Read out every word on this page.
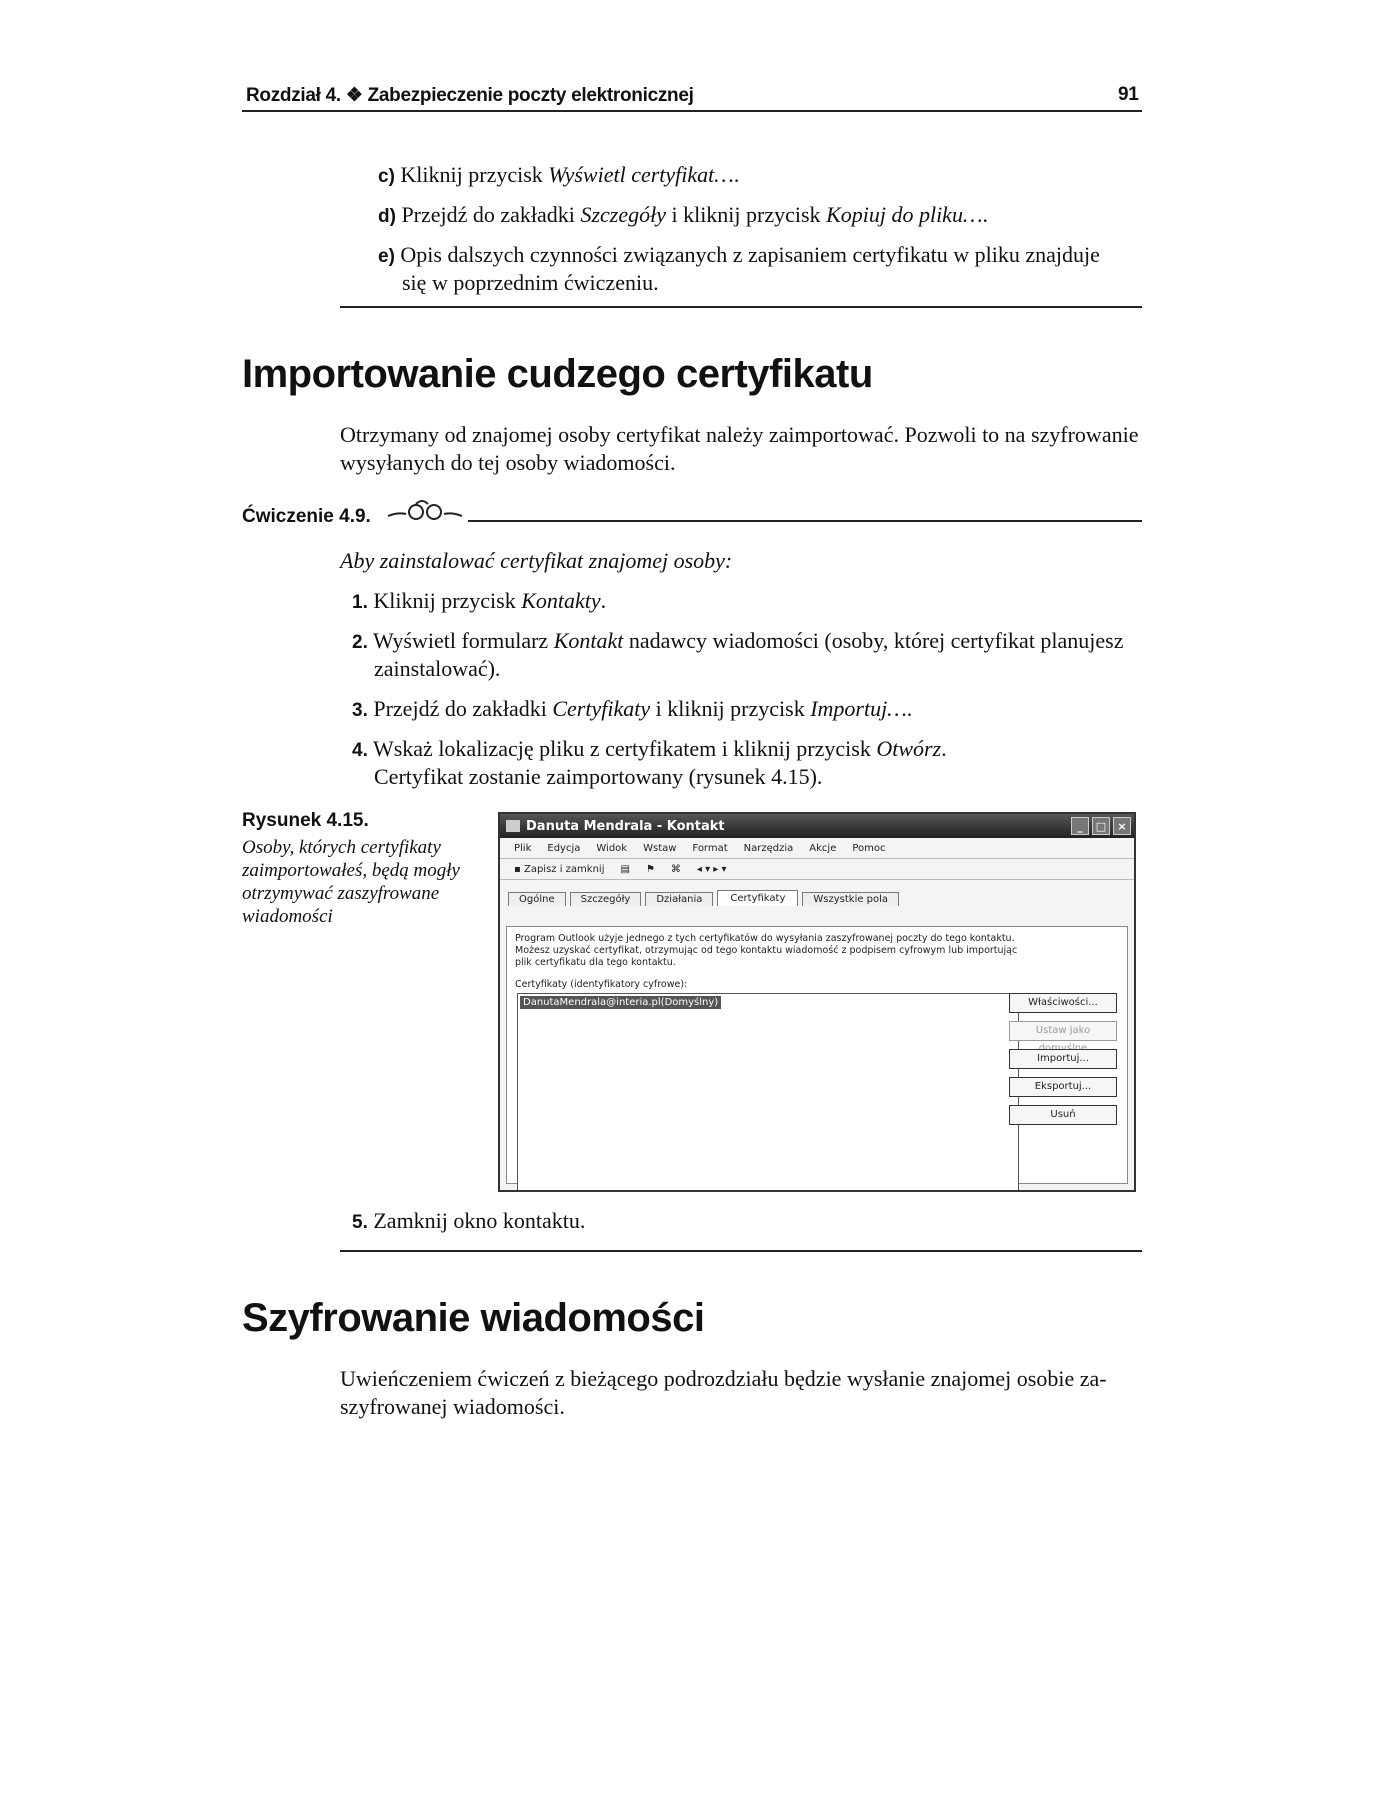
Rozdział 4. ❖ Zabezpieczenie poczty elektronicznej	91
c) Kliknij przycisk Wyświetl certyfikat….
d) Przejdź do zakładki Szczegóły i kliknij przycisk Kopiuj do pliku….
e) Opis dalszych czynności związanych z zapisaniem certyfikatu w pliku znajduje
się w poprzednim ćwiczeniu.
Importowanie cudzego certyfikatu
Otrzymany od znajomej osoby certyfikat należy zaimportować. Pozwoli to na szyfrowanie
wysyłanych do tej osoby wiadomości.
Ćwiczenie 4.9.
Aby zainstalować certyfikat znajomej osoby:
1. Kliknij przycisk Kontakty.
2. Wyświetl formularz Kontakt nadawcy wiadomości (osoby, której certyfikat planujesz
zainstalować).
3. Przejdź do zakładki Certyfikaty i kliknij przycisk Importuj….
4. Wskaż lokalizację pliku z certyfikatem i kliknij przycisk Otwórz.
Certyfikat zostanie zaimportowany (rysunek 4.15).
Rysunek 4.15.
Osoby, których certyfikaty
zaimportowałeś, będą mogły
otrzymywać zaszyfrowane
wiadomości
Danuta Mendrala - Kontakt	_	□	×
Plik Edycja Widok Wstaw Format Narzędzia Akcje Pomoc
▪ Zapisz i zamknij ▤ ⚑ ⌘ ◂ ▾ ▸ ▾
Ogólne	Szczegóły	Działania	Certyfikaty	Wszystkie pola
Program Outlook użyje jednego z tych certyfikatów do wysyłania zaszyfrowanej poczty do tego kontaktu.
Możesz uzyskać certyfikat, otrzymując od tego kontaktu wiadomość z podpisem cyfrowym lub importując
plik certyfikatu dla tego kontaktu.
Certyfikaty (identyfikatory cyfrowe):
DanutaMendrala@interia.pl(Domyślny)	Właściwości...
Ustaw jako
Importuj...
Eksportuj...
Usuń
5. Zamknij okno kontaktu.
Szyfrowanie wiadomości
Uwieńczeniem ćwiczeń z bieżącego podrozdziału będzie wysłanie znajomej osobie za-
szyfrowanej wiadomości.
